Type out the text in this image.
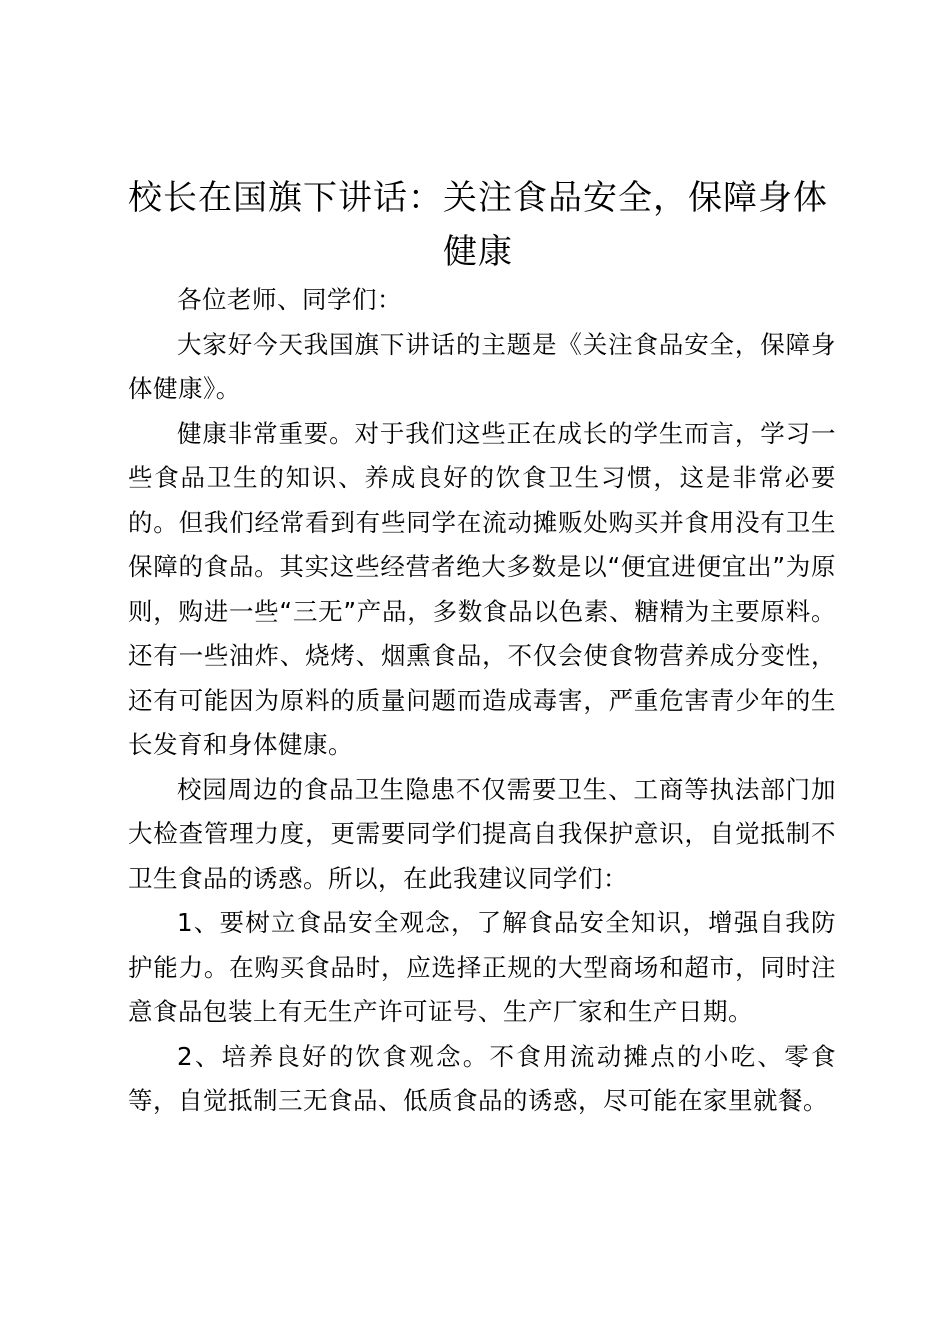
校长在国旗下讲话：关注食品安全，保障身体健康

各位老师、同学们：

大家好今天我国旗下讲话的主题是《关注食品安全，保障身体健康》。

健康非常重要。对于我们这些正在成长的学生而言，学习一些食品卫生的知识、养成良好的饮食卫生习惯，这是非常必要的。但我们经常看到有些同学在流动摊贩处购买并食用没有卫生保障的食品。其实这些经营者绝大多数是以“便宜进便宜出”为原则，购进一些“三无”产品，多数食品以色素、糖精为主要原料。还有一些油炸、烧烤、烟熏食品，不仅会使食物营养成分变性，还有可能因为原料的质量问题而造成毒害，严重危害青少年的生长发育和身体健康。

校园周边的食品卫生隐患不仅需要卫生、工商等执法部门加大检查管理力度，更需要同学们提高自我保护意识，自觉抵制不卫生食品的诱惑。所以，在此我建议同学们：

1、要树立食品安全观念，了解食品安全知识，增强自我防护能力。在购买食品时，应选择正规的大型商场和超市，同时注意食品包装上有无生产许可证号、生产厂家和生产日期。

2、培养良好的饮食观念。不食用流动摊点的小吃、零食等，自觉抵制三无食品、低质食品的诱惑，尽可能在家里就餐。
